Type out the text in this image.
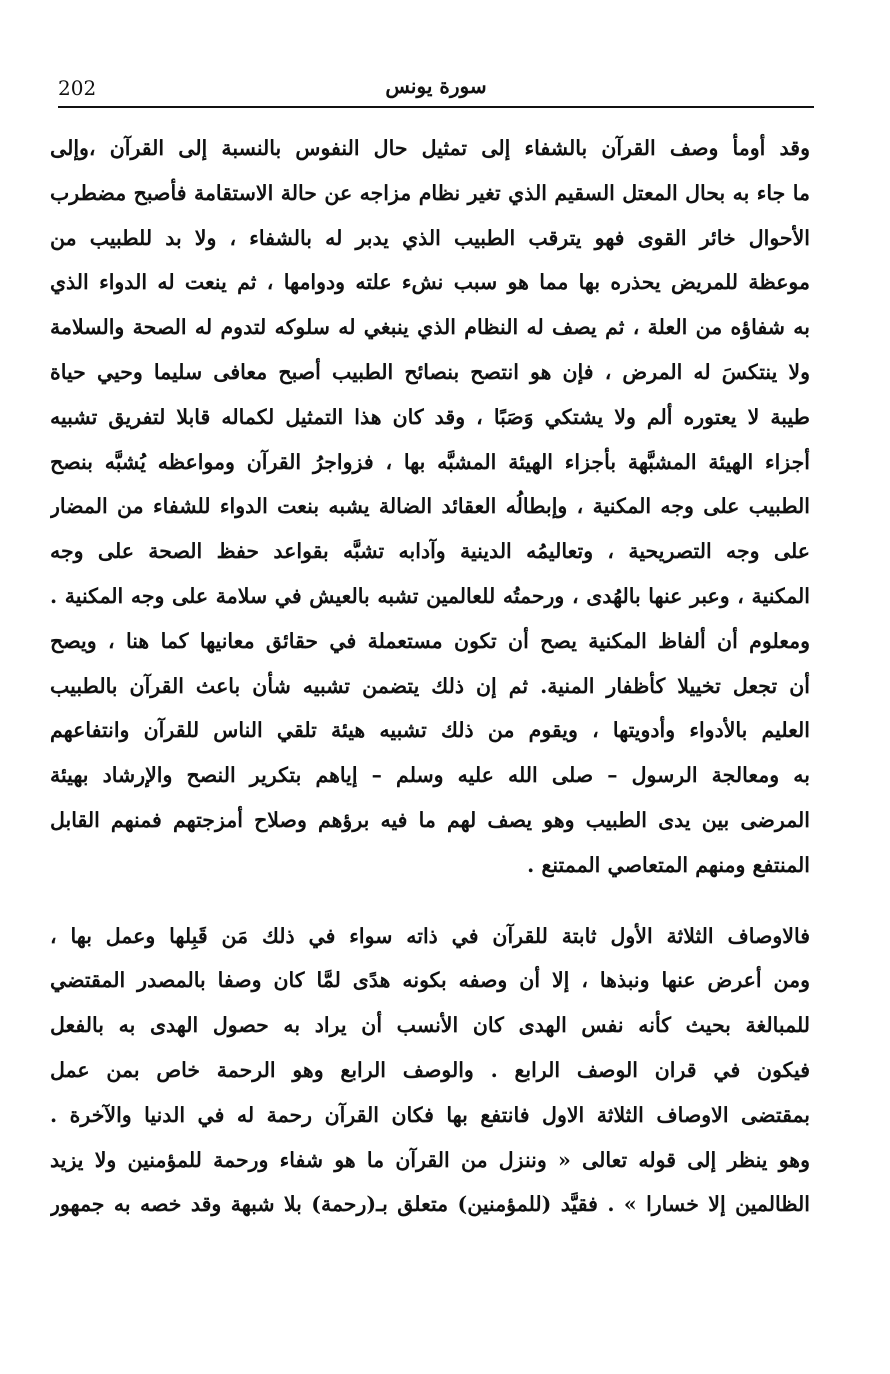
202	سورة يونس
وقد أومأ وصف القرآن بالشفاء إلى تمثيل حال النفوس بالنسبة إلى القرآن ،وإلى
ما جاء به بحال المعتل السقيم الذي تغير نظام مزاجه عن حالة الاستقامة فأصبح مضطرب
الأحوال خائر القوى فهو يترقب الطبيب الذي يدبر له بالشفاء ، ولا بد للطبيب من
موعظة للمريض يحذره بها مما هو سبب نشء علته ودوامها ، ثم ينعت له الدواء الذي
به شفاؤه من العلة ، ثم يصف له النظام الذي ينبغي له سلوكه لتدوم له الصحة والسلامة
ولا ينتكسَ له المرض ، فإن هو انتصح بنصائح الطبيب أصبح معافى سليما وحيي حياة
طيبة لا يعتوره ألم ولا يشتكي وَصَبًا ، وقد كان هذا التمثيل لكماله قابلا لتفريق تشبيه
أجزاء الهيئة المشبَّهة بأجزاء الهيئة المشبَّه بها ، فزواجرُ القرآن ومواعظه يُشبَّه بنصح
الطبيب على وجه المكنية ، وإبطالُه العقائد الضالة يشبه بنعت الدواء للشفاء من المضار
على وجه التصريحية ، وتعاليمُه الدينية وآدابه تشبَّه بقواعد حفظ الصحة على وجه
المكنية ، وعبر عنها بالهُدى ، ورحمتُه للعالمين تشبه بالعيش في سلامة على وجه المكنية .
ومعلوم أن ألفاظ المكنية يصح أن تكون مستعملة في حقائق معانيها كما هنا ، ويصح
أن تجعل تخييلا كأظفار المنية. ثم إن ذلك يتضمن تشبيه شأن باعث القرآن بالطبيب
العليم بالأدواء وأدويتها ، ويقوم من ذلك تشبيه هيئة تلقي الناس للقرآن وانتفاعهم
به ومعالجة الرسول – صلى الله عليه وسلم – إياهم بتكرير النصح والإرشاد بهيئة
المرضى بين يدى الطبيب وهو يصف لهم ما فيه برؤهم وصلاح أمزجتهم فمنهم القابل
المنتفع ومنهم المتعاصي الممتنع .
فالاوصاف الثلاثة الأول ثابتة للقرآن في ذاته سواء في ذلك مَن قَبِلها وعمل بها ،
ومن أعرض عنها ونبذها ، إلا أن وصفه بكونه هدًى لمَّا كان وصفا بالمصدر المقتضي
للمبالغة بحيث كأنه نفس الهدى كان الأنسب أن يراد به حصول الهدى به بالفعل
فيكون في قران الوصف الرابع . والوصف الرابع وهو الرحمة خاص بمن عمل
بمقتضى الاوصاف الثلاثة الاول فانتفع بها فكان القرآن رحمة له في الدنيا والآخرة .
وهو ينظر إلى قوله تعالى « وننزل من القرآن ما هو شفاء ورحمة للمؤمنين ولا يزيد
الظالمين إلا خسارا » . فقيَّد (للمؤمنين) متعلق بـ(رحمة) بلا شبهة وقد خصه به جمهور
